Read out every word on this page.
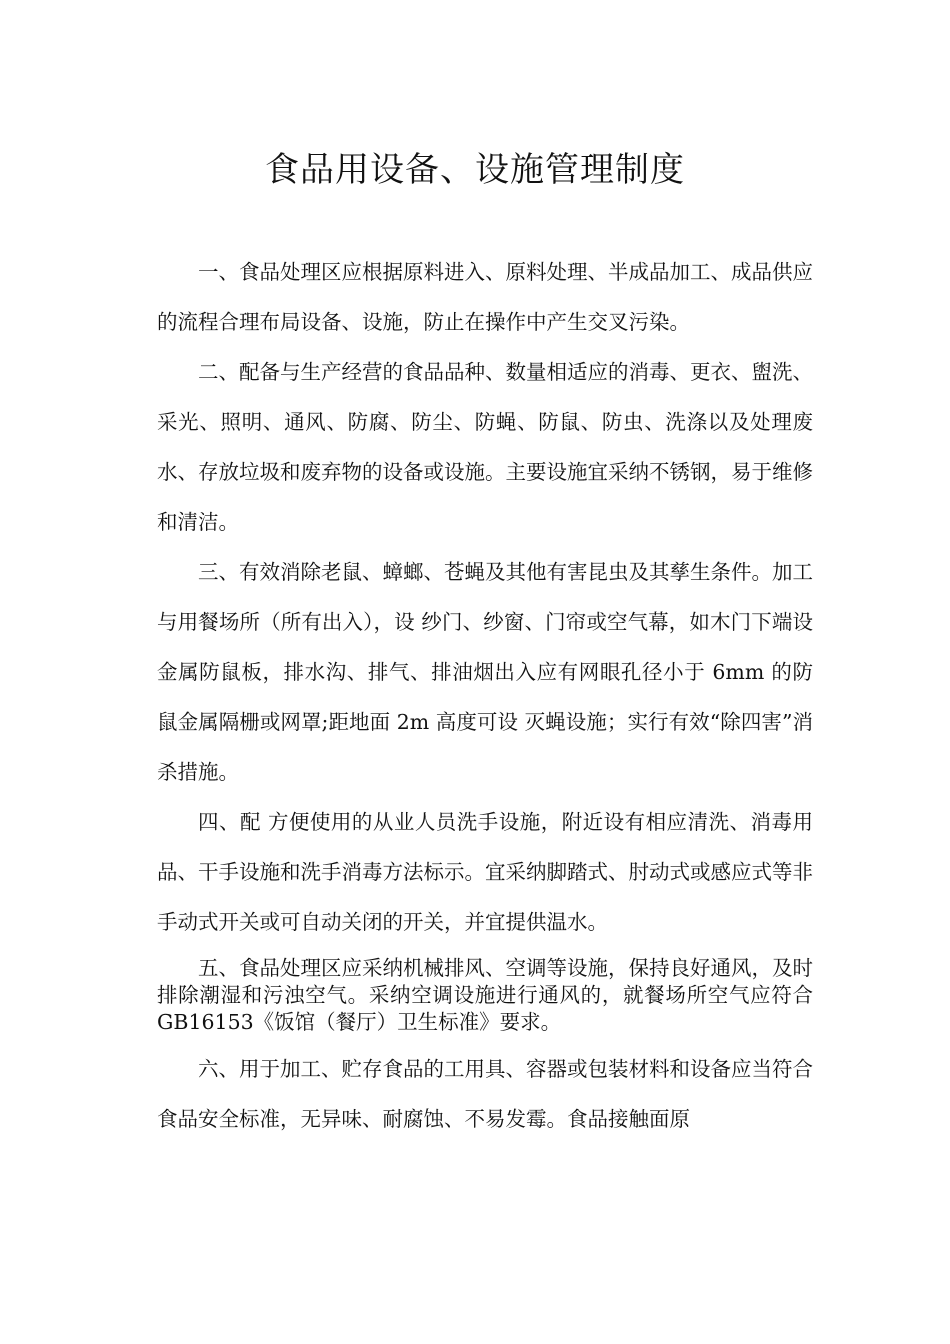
食品用设备、设施管理制度

一、食品处理区应根据原料进入、原料处理、半成品加工、成品供应的流程合理布局设备、设施，防止在操作中产生交叉污染。

二、配备与生产经营的食品品种、数量相适应的消毒、更衣、盥洗、采光、照明、通风、防腐、防尘、防蝇、防鼠、防虫、洗涤以及处理废水、存放垃圾和废弃物的设备或设施。主要设施宜采纳不锈钢，易于维修和清洁。

三、有效消除老鼠、蟑螂、苍蝇及其他有害昆虫及其孳生条件。加工与用餐场所（所有出入），设 纱门、纱窗、门帘或空气幕，如木门下端设金属防鼠板，排水沟、排气、排油烟出入应有网眼孔径小于 6mm 的防鼠金属隔栅或网罩;距地面 2m 高度可设 灭蝇设施；实行有效“除四害”消杀措施。

四、配 方便使用的从业人员洗手设施，附近设有相应清洗、消毒用品、干手设施和洗手消毒方法标示。宜采纳脚踏式、肘动式或感应式等非手动式开关或可自动关闭的开关，并宜提供温水。

五、食品处理区应采纳机械排风、空调等设施，保持良好通风，及时排除潮湿和污浊空气。采纳空调设施进行通风的，就餐场所空气应符合 GB16153《饭馆（餐厅）卫生标准》要求。

六、用于加工、贮存食品的工用具、容器或包装材料和设备应当符合食品安全标准，无异味、耐腐蚀、不易发霉。食品接触面原
